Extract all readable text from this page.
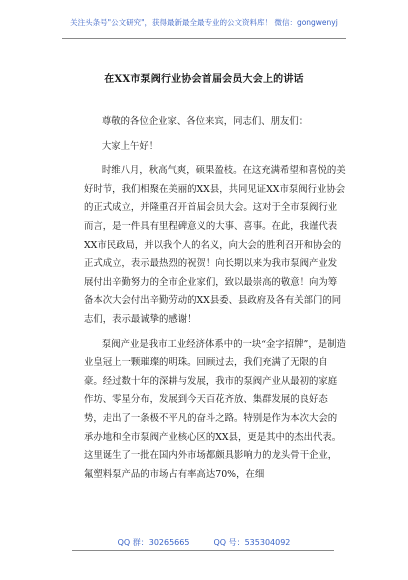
关注头条号"公文研究"，获得最新最全最专业的公文资料库！ 微信：gongwenyj
在XX市泵阀行业协会首届会员大会上的讲话

尊敬的各位企业家、各位来宾，同志们、朋友们：

大家上午好！

时维八月，秋高气爽，硕果盈枝。在这充满希望和喜悦的美好时节，我们相聚在美丽的XX县，共同见证XX市泵阀行业协会的正式成立，并隆重召开首届会员大会。这对于全市泵阀行业而言，是一件具有里程碑意义的大事、喜事。在此，我谨代表XX市民政局，并以我个人的名义，向大会的胜利召开和协会的正式成立，表示最热烈的祝贺！向长期以来为我市泵阀产业发展付出辛勤努力的全市企业家们，致以最崇高的敬意！向为筹备本次大会付出辛勤劳动的XX县委、县政府及各有关部门的同志们，表示最诚挚的感谢！

泵阀产业是我市工业经济体系中的一块“金字招牌”，是制造业皇冠上一颗璀璨的明珠。回顾过去，我们充满了无限的自豪。经过数十年的深耕与发展，我市的泵阀产业从最初的家庭作坊、零星分布，发展到今天百花齐放、集群发展的良好态势，走出了一条极不平凡的奋斗之路。特别是作为本次大会的承办地和全市泵阀产业核心区的XX县，更是其中的杰出代表。这里诞生了一批在国内外市场都颇具影响力的龙头骨干企业，氟塑料泵产品的市场占有率高达70%，在细

QQ 群：30265665	QQ 号：535304092
